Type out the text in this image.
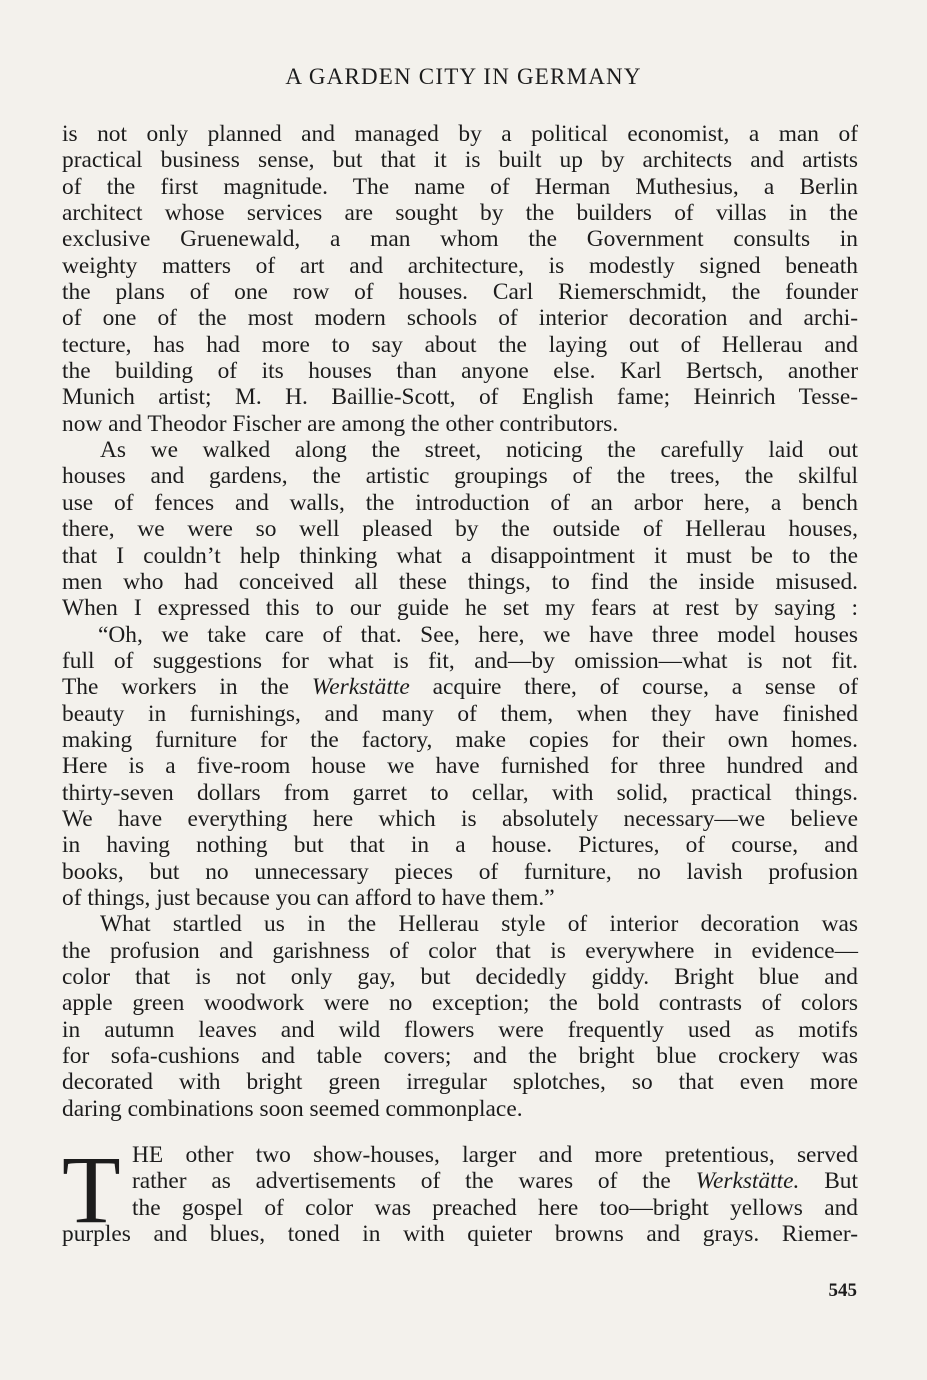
A GARDEN CITY IN GERMANY
is not only planned and managed by a political economist, a man of
practical business sense, but that it is built up by architects and artists
of the first magnitude. The name of Herman Muthesius, a Berlin
architect whose services are sought by the builders of villas in the
exclusive Gruenewald, a man whom the Government consults in
weighty matters of art and architecture, is modestly signed beneath
the plans of one row of houses. Carl Riemerschmidt, the founder
of one of the most modern schools of interior decoration and archi-
tecture, has had more to say about the laying out of Hellerau and
the building of its houses than anyone else. Karl Bertsch, another
Munich artist; M. H. Baillie-Scott, of English fame; Heinrich Tesse-
now and Theodor Fischer are among the other contributors.
As we walked along the street, noticing the carefully laid out
houses and gardens, the artistic groupings of the trees, the skilful
use of fences and walls, the introduction of an arbor here, a bench
there, we were so well pleased by the outside of Hellerau houses,
that I couldn’t help thinking what a disappointment it must be to the
men who had conceived all these things, to find the inside misused.
When I expressed this to our guide he set my fears at rest by saying :
“Oh, we take care of that. See, here, we have three model houses
full of suggestions for what is fit, and—by omission—what is not fit.
The workers in the Werkstätte acquire there, of course, a sense of
beauty in furnishings, and many of them, when they have finished
making furniture for the factory, make copies for their own homes.
Here is a five-room house we have furnished for three hundred and
thirty-seven dollars from garret to cellar, with solid, practical things.
We have everything here which is absolutely necessary—we believe
in having nothing but that in a house. Pictures, of course, and
books, but no unnecessary pieces of furniture, no lavish profusion
of things, just because you can afford to have them.”
What startled us in the Hellerau style of interior decoration was
the profusion and garishness of color that is everywhere in evidence—
color that is not only gay, but decidedly giddy. Bright blue and
apple green woodwork were no exception; the bold contrasts of colors
in autumn leaves and wild flowers were frequently used as motifs
for sofa-cushions and table covers; and the bright blue crockery was
decorated with bright green irregular splotches, so that even more
daring combinations soon seemed commonplace.
HE other two show-houses, larger and more pretentious, served
rather as advertisements of the wares of the Werkstätte. But
the gospel of color was preached here too—bright yellows and
purples and blues, toned in with quieter browns and grays. Riemer-
T
545
